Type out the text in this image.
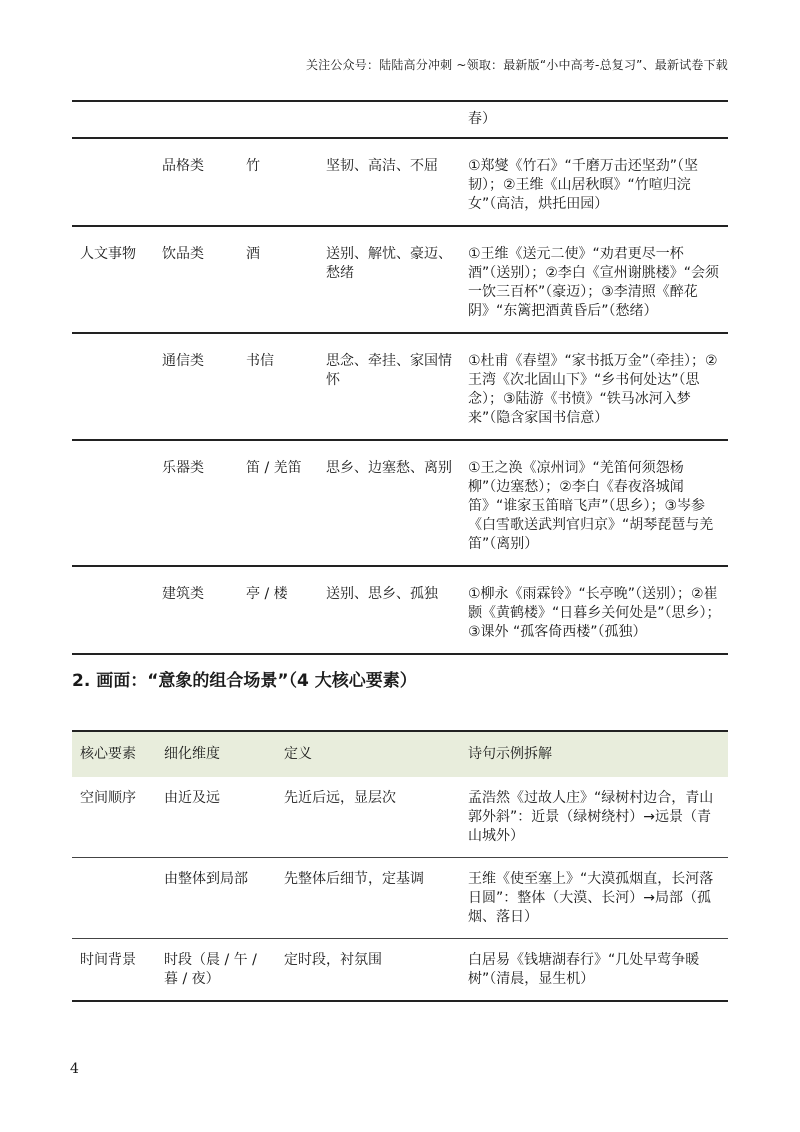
关注公众号：陆陆高分冲刺 ~领取：最新版“小中高考-总复习”、最新试卷下载
				春）
	品格类	竹	坚韧、高洁、不屈	①郑燮《竹石》“千磨万击还坚劲”（坚韧）；②王维《山居秋暝》“竹喧归浣女”（高洁，烘托田园）
人文事物	饮品类	酒	送别、解忧、豪迈、愁绪	①王维《送元二使》“劝君更尽一杯酒”（送别）；②李白《宣州谢朓楼》“会须一饮三百杯”（豪迈）；③李清照《醉花阴》“东篱把酒黄昏后”（愁绪）
	通信类	书信	思念、牵挂、家国情怀	①杜甫《春望》“家书抵万金”（牵挂）；②王湾《次北固山下》“乡书何处达”（思念）；③陆游《书愤》“铁马冰河入梦来”（隐含家国书信意）
	乐器类	笛 / 羌笛	思乡、边塞愁、离别	①王之涣《凉州词》“羌笛何须怨杨柳”（边塞愁）；②李白《春夜洛城闻笛》“谁家玉笛暗飞声”（思乡）；③岑参《白雪歌送武判官归京》“胡琴琵琶与羌笛”（离别）
	建筑类	亭 / 楼	送别、思乡、孤独	①柳永《雨霖铃》“长亭晚”（送别）；②崔颢《黄鹤楼》“日暮乡关何处是”（思乡）；③课外 “孤客倚西楼”（孤独）
2. 画面：“意象的组合场景”（4 大核心要素）
核心要素	细化维度	定义	诗句示例拆解
空间顺序	由近及远	先近后远，显层次	孟浩然《过故人庄》“绿树村边合，青山郭外斜”：近景（绿树绕村）→远景（青山城外）
	由整体到局部	先整体后细节，定基调	王维《使至塞上》“大漠孤烟直，长河落日圆”：整体（大漠、长河）→局部（孤烟、落日）
时间背景	时段（晨 / 午 / 暮 / 夜）	定时段，衬氛围	白居易《钱塘湖春行》“几处早莺争暖树”（清晨，显生机）
4
